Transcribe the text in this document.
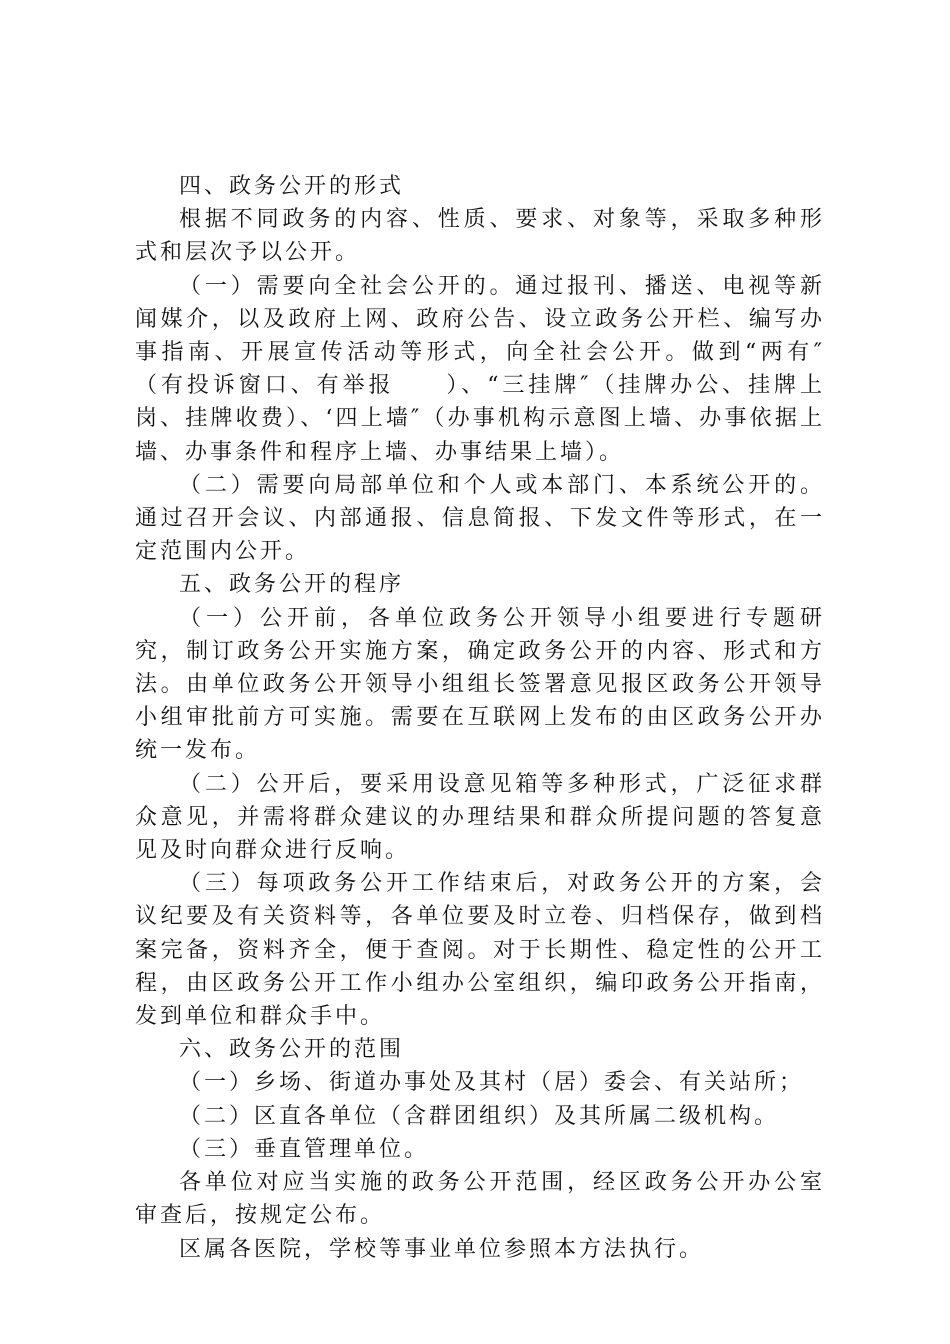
四、政务公开的形式

根据不同政务的内容、性质、要求、对象等，采取多种形式和层次予以公开。

（一）需要向全社会公开的。通过报刊、播送、电视等新闻媒介，以及政府上网、政府公告、设立政务公开栏、编写办事指南、开展宣传活动等形式，向全社会公开。做到“两有″（有投诉窗口、有举报　　）、“三挂牌″（挂牌办公、挂牌上岗、挂牌收费）、‘四上墙″（办事机构示意图上墙、办事依据上墙、办事条件和程序上墙、办事结果上墙）。

（二）需要向局部单位和个人或本部门、本系统公开的。通过召开会议、内部通报、信息简报、下发文件等形式，在一定范围内公开。

五、政务公开的程序

（一）公开前，各单位政务公开领导小组要进行专题研究，制订政务公开实施方案，确定政务公开的内容、形式和方法。由单位政务公开领导小组组长签署意见报区政务公开领导小组审批前方可实施。需要在互联网上发布的由区政务公开办统一发布。

（二）公开后，要采用设意见箱等多种形式，广泛征求群众意见，并需将群众建议的办理结果和群众所提问题的答复意见及时向群众进行反响。

（三）每项政务公开工作结束后，对政务公开的方案，会议纪要及有关资料等，各单位要及时立卷、归档保存，做到档案完备，资料齐全，便于查阅。对于长期性、稳定性的公开工程，由区政务公开工作小组办公室组织，编印政务公开指南，发到单位和群众手中。

六、政务公开的范围

（一）乡场、街道办事处及其村（居）委会、有关站所；

（二）区直各单位（含群团组织）及其所属二级机构。

（三）垂直管理单位。

各单位对应当实施的政务公开范围，经区政务公开办公室审查后，按规定公布。

区属各医院，学校等事业单位参照本方法执行。
